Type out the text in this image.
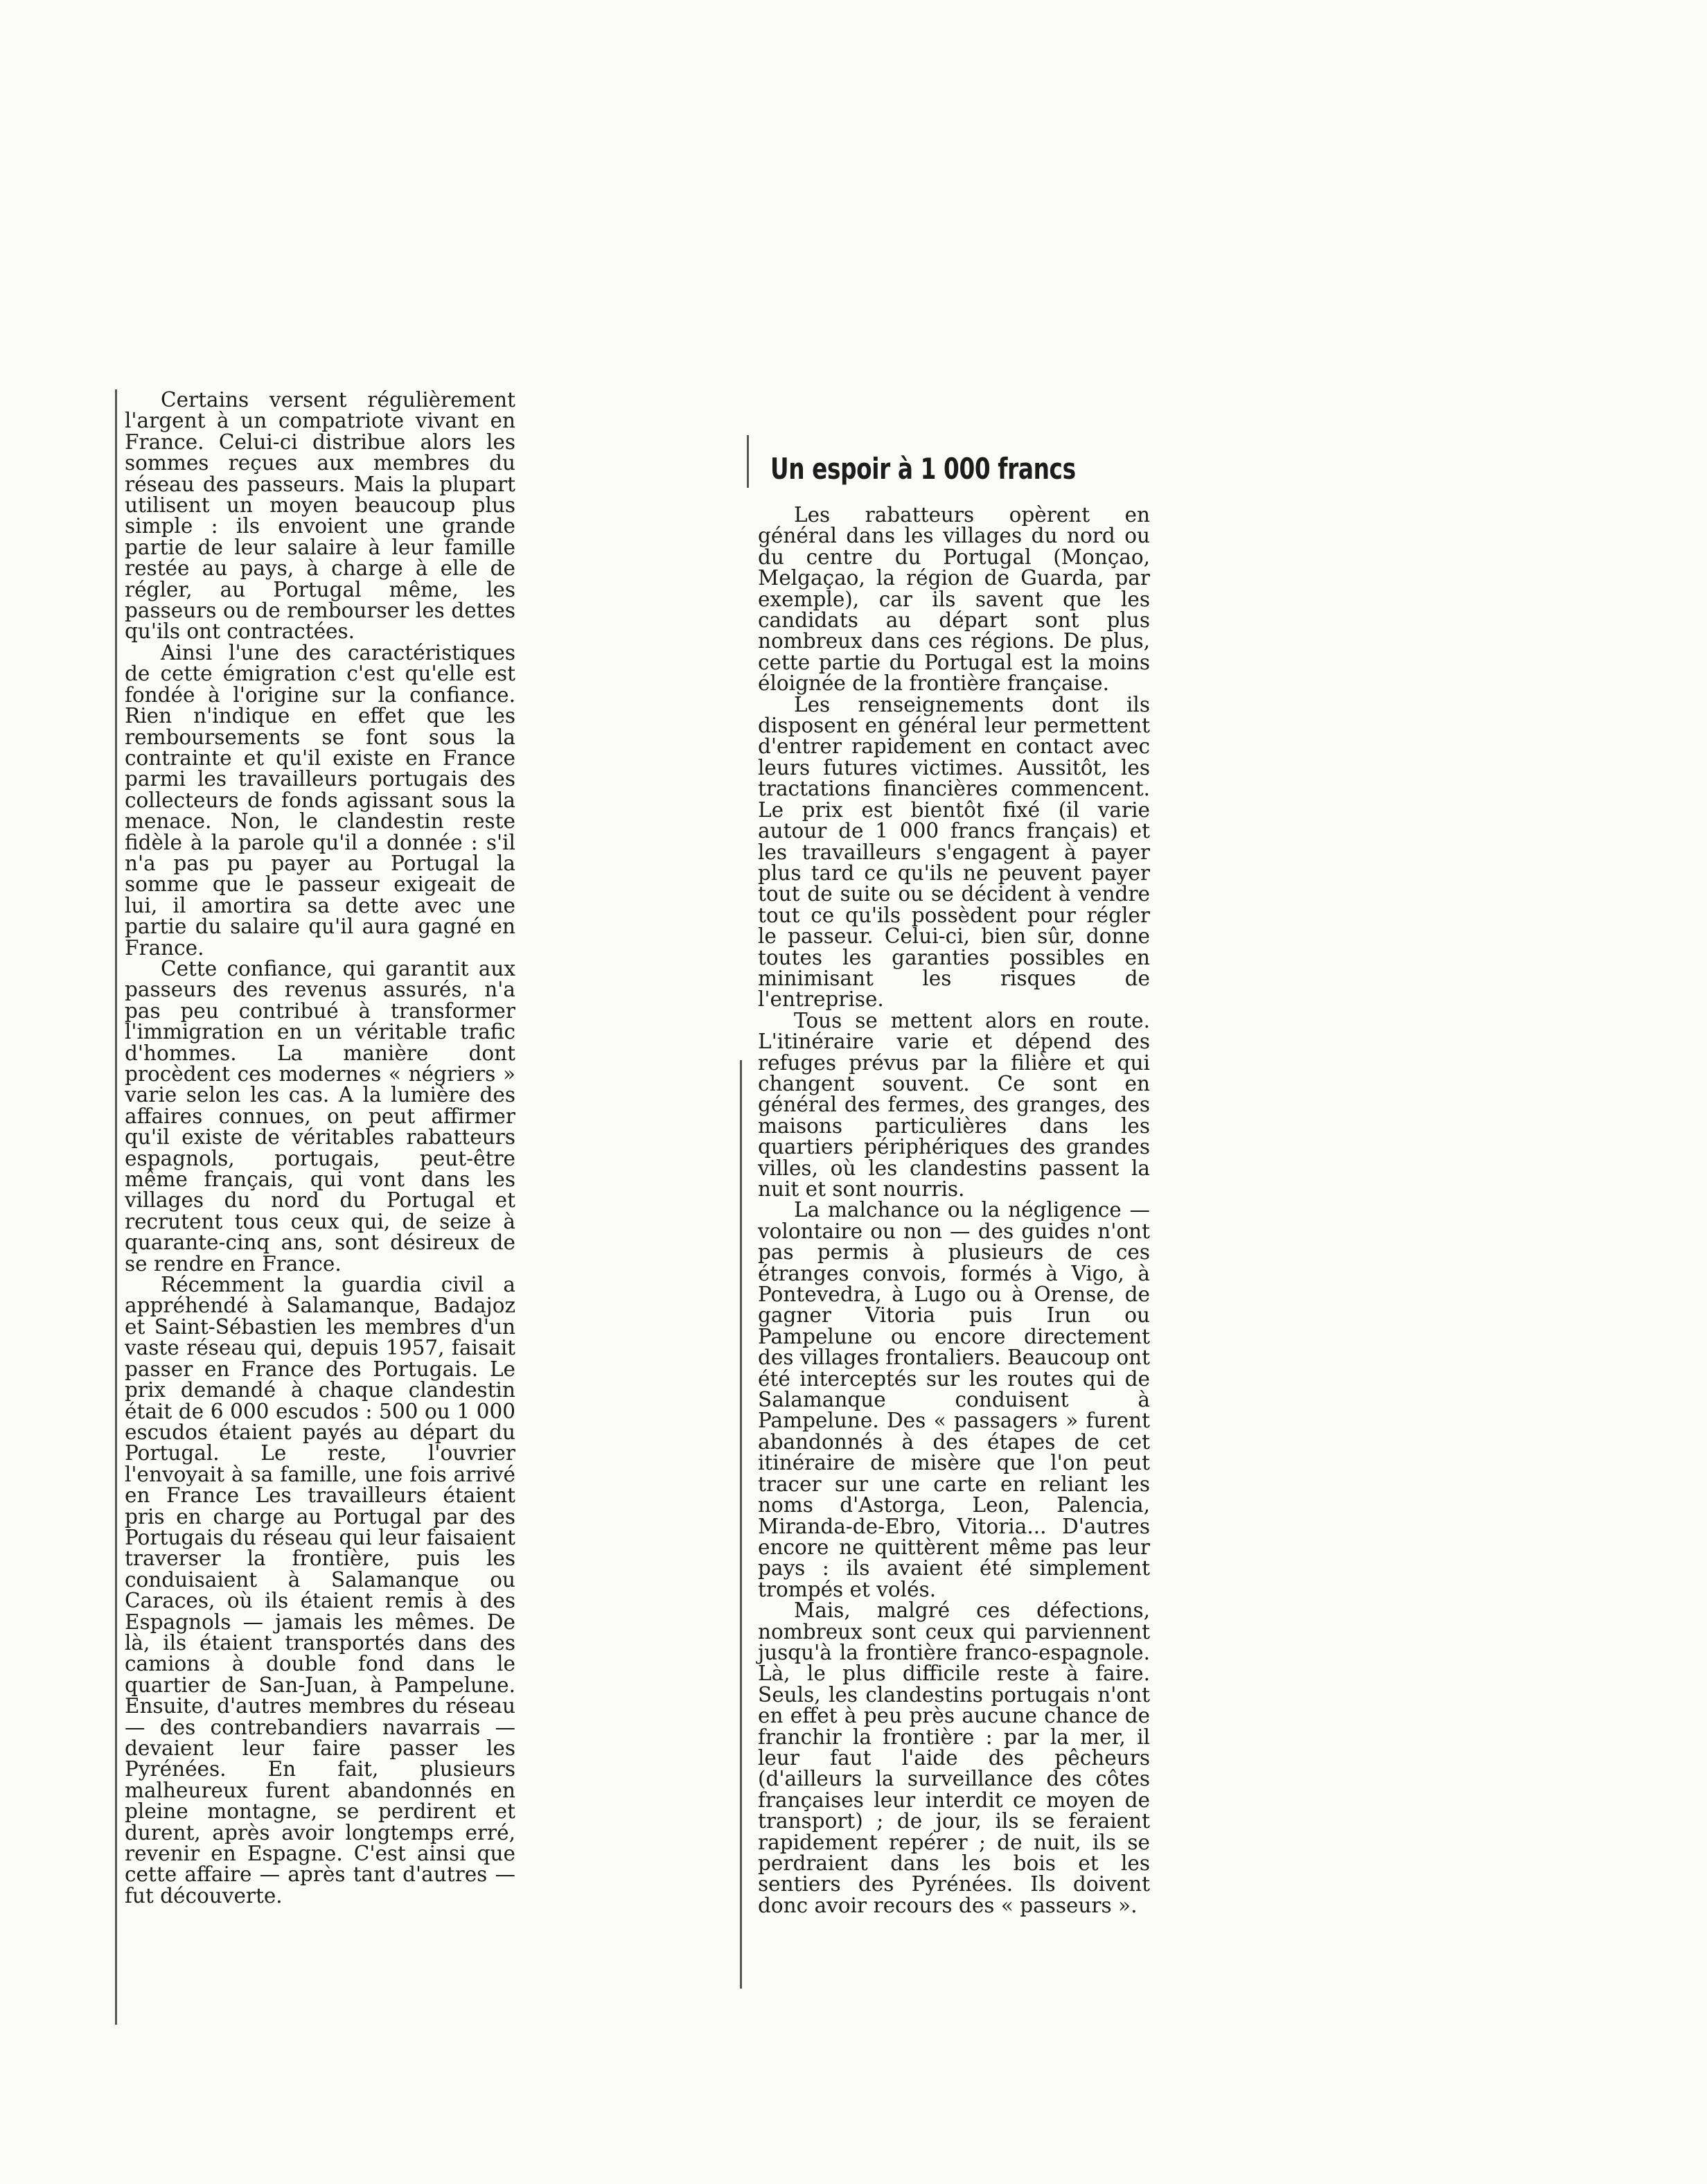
Certains versent régulièrement l'argent à un compatriote vivant en France. Celui-ci distribue alors les sommes reçues aux membres du réseau des passeurs. Mais la plupart utilisent un moyen beaucoup plus simple : ils envoient une grande partie de leur salaire à leur famille restée au pays, à charge à elle de régler, au Portugal même, les passeurs ou de rembourser les dettes qu'ils ont contractées.

Ainsi l'une des caractéristiques de cette émigration c'est qu'elle est fondée à l'origine sur la confiance. Rien n'indique en effet que les remboursements se font sous la contrainte et qu'il existe en France parmi les travailleurs portugais des collecteurs de fonds agissant sous la menace. Non, le clandestin reste fidèle à la parole qu'il a donnée : s'il n'a pas pu payer au Portugal la somme que le passeur exigeait de lui, il amortira sa dette avec une partie du salaire qu'il aura gagné en France.

Cette confiance, qui garantit aux passeurs des revenus assurés, n'a pas peu contribué à transformer l'immigration en un véritable trafic d'hommes. La manière dont procèdent ces modernes « négriers » varie selon les cas. A la lumière des affaires connues, on peut affirmer qu'il existe de véritables rabatteurs espagnols, portugais, peut-être même français, qui vont dans les villages du nord du Portugal et recrutent tous ceux qui, de seize à quarante-cinq ans, sont désireux de se rendre en France.

Récemment la guardia civil a appréhendé à Salamanque, Badajoz et Saint-Sébastien les membres d'un vaste réseau qui, depuis 1957, faisait passer en France des Portugais. Le prix demandé à chaque clandestin était de 6 000 escudos : 500 ou 1 000 escudos étaient payés au départ du Portugal. Le reste, l'ouvrier l'envoyait à sa famille, une fois arrivé en France Les travailleurs étaient pris en charge au Portugal par des Portugais du réseau qui leur faisaient traverser la frontière, puis les conduisaient à Salamanque ou Caraces, où ils étaient remis à des Espagnols — jamais les mêmes. De là, ils étaient transportés dans des camions à double fond dans le quartier de San-Juan, à Pampelune. Ensuite, d'autres membres du réseau — des contrebandiers navarrais — devaient leur faire passer les Pyrénées. En fait, plusieurs malheureux furent abandonnés en pleine montagne, se perdirent et durent, après avoir longtemps erré, revenir en Espagne. C'est ainsi que cette affaire — après tant d'autres — fut découverte.

Un espoir à 1 000 francs

Les rabatteurs opèrent en général dans les villages du nord ou du centre du Portugal (Monçao, Melgaçao, la région de Guarda, par exemple), car ils savent que les candidats au départ sont plus nombreux dans ces régions. De plus, cette partie du Portugal est la moins éloignée de la frontière française.

Les renseignements dont ils disposent en général leur permettent d'entrer rapidement en contact avec leurs futures victimes. Aussitôt, les tractations financières commencent. Le prix est bientôt fixé (il varie autour de 1 000 francs français) et les travailleurs s'engagent à payer plus tard ce qu'ils ne peuvent payer tout de suite ou se décident à vendre tout ce qu'ils possèdent pour régler le passeur. Celui-ci, bien sûr, donne toutes les garanties possibles en minimisant les risques de l'entreprise.

Tous se mettent alors en route. L'itinéraire varie et dépend des refuges prévus par la filière et qui changent souvent. Ce sont en général des fermes, des granges, des maisons particulières dans les quartiers périphériques des grandes villes, où les clandestins passent la nuit et sont nourris.

La malchance ou la négligence — volontaire ou non — des guides n'ont pas permis à plusieurs de ces étranges convois, formés à Vigo, à Pontevedra, à Lugo ou à Orense, de gagner Vitoria puis Irun ou Pampelune ou encore directement des villages frontaliers. Beaucoup ont été interceptés sur les routes qui de Salamanque conduisent à Pampelune. Des « passagers » furent abandonnés à des étapes de cet itinéraire de misère que l'on peut tracer sur une carte en reliant les noms d'Astorga, Leon, Palencia, Miranda-de-Ebro, Vitoria... D'autres encore ne quittèrent même pas leur pays : ils avaient été simplement trompés et volés.

Mais, malgré ces défections, nombreux sont ceux qui parviennent jusqu'à la frontière franco-espagnole. Là, le plus difficile reste à faire. Seuls, les clandestins portugais n'ont en effet à peu près aucune chance de franchir la frontière : par la mer, il leur faut l'aide des pêcheurs (d'ailleurs la surveillance des côtes françaises leur interdit ce moyen de transport) ; de jour, ils se feraient rapidement repérer ; de nuit, ils se perdraient dans les bois et les sentiers des Pyrénées. Ils doivent donc avoir recours des « passeurs ».
